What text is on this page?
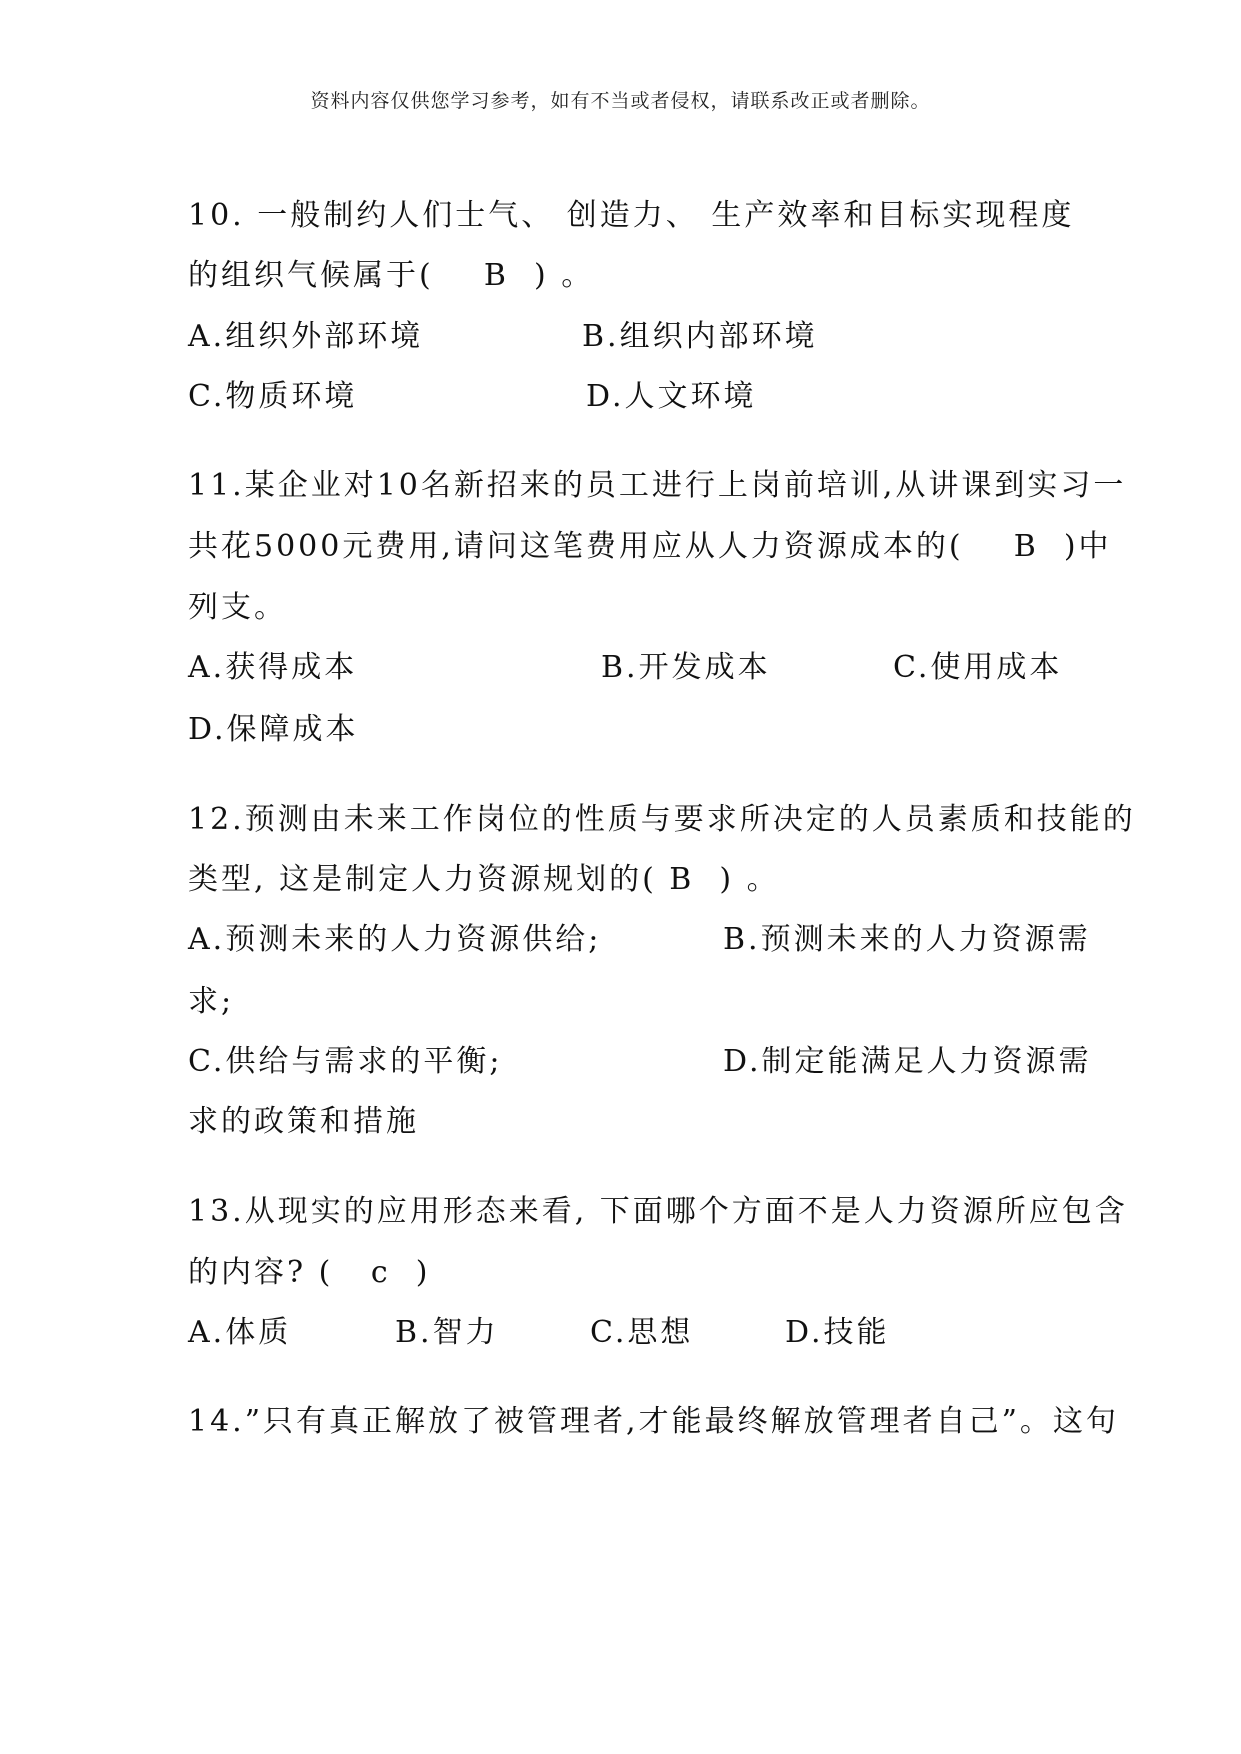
资料内容仅供您学习参考，如有不当或者侵权，请联系改正或者删除。
10. 一般制约人们士气、 创造力、 生产效率和目标实现程度
的组织气候属于(    B  ) 。
A.组织外部环境	B.组织内部环境
C.物质环境	D.人文环境
11.某企业对10名新招来的员工进行上岗前培训,从讲课到实习一
共花5000元费用,请问这笔费用应从人力资源成本的(    B  )中
列支。
A.获得成本	B.开发成本	C.使用成本
D.保障成本
12.预测由未来工作岗位的性质与要求所决定的人员素质和技能的
类型, 这是制定人力资源规划的( B  ) 。
A.预测未来的人力资源供给;	B.预测未来的人力资源需
求;
C.供给与需求的平衡;	D.制定能满足人力资源需
求的政策和措施
13.从现实的应用形态来看, 下面哪个方面不是人力资源所应包含
的内容? (   c  )
A.体质	B.智力	C.思想	D.技能
14.”只有真正解放了被管理者,才能最终解放管理者自己”。这句
